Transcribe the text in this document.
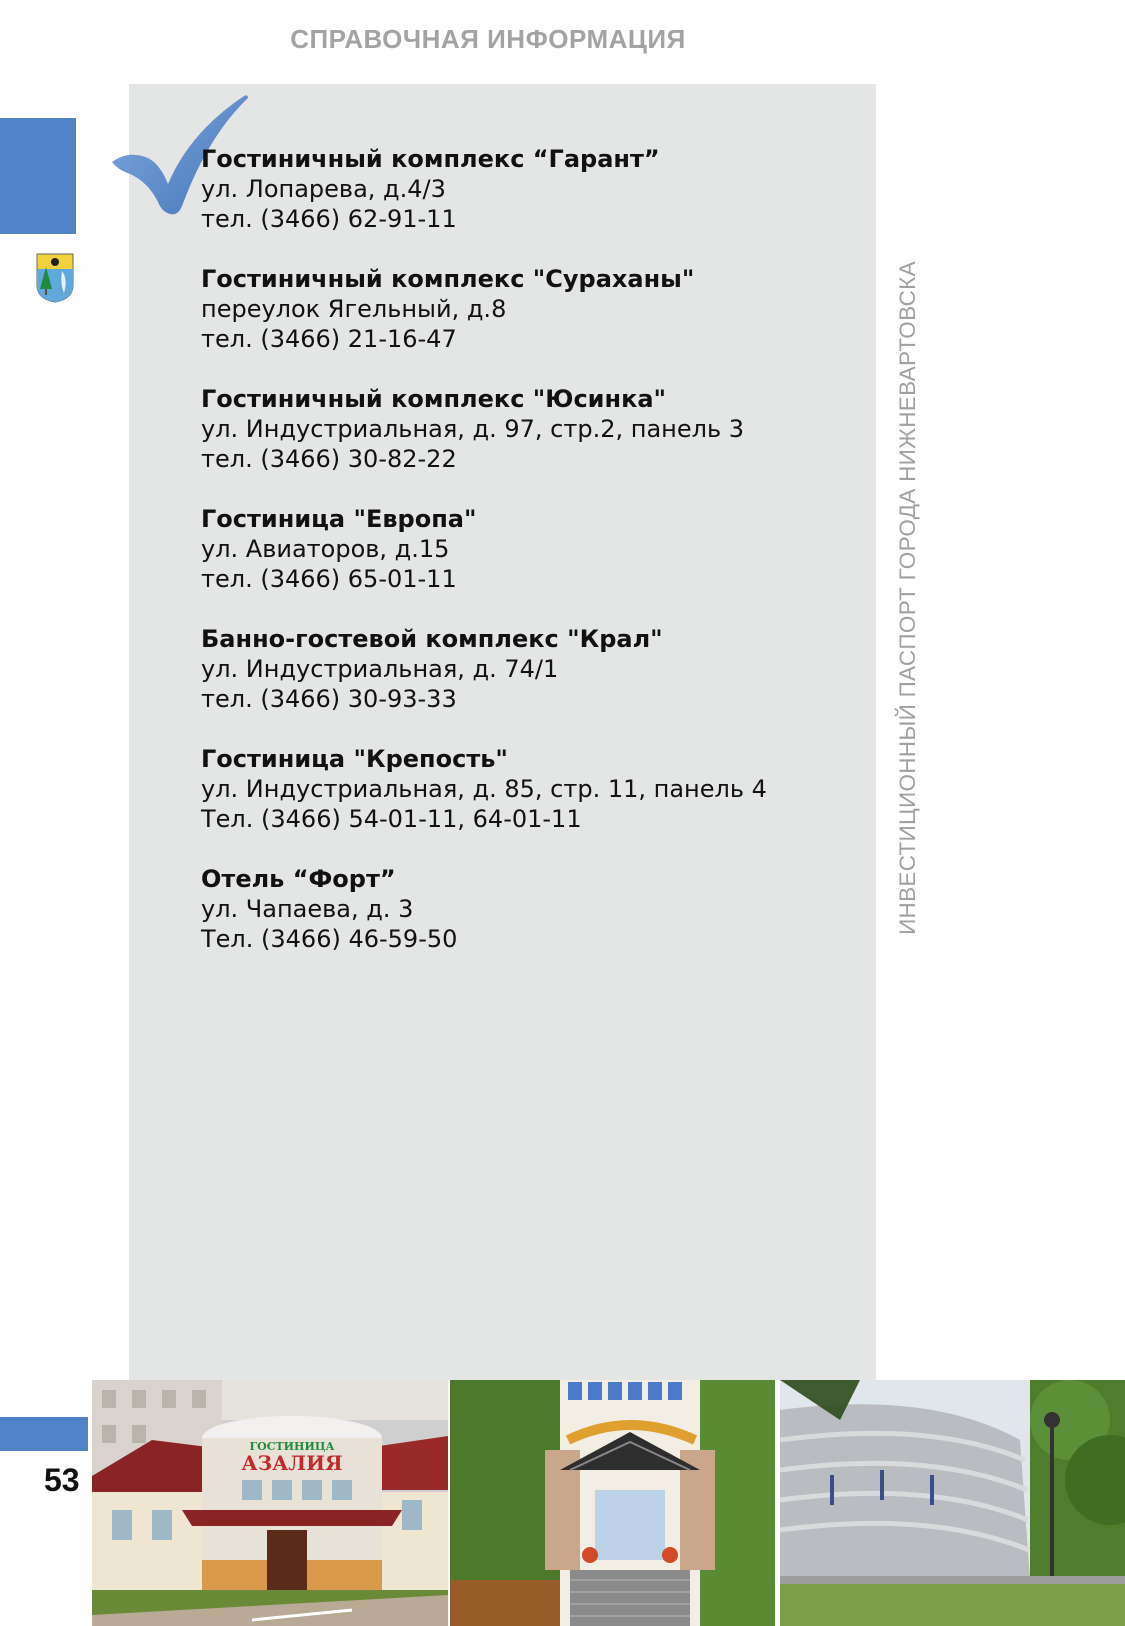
СПРАВОЧНАЯ ИНФОРМАЦИЯ
ИНВЕСТИЦИОННЫЙ ПАСПОРТ ГОРОДА НИЖНЕВАРТОВСКА
Гостиничный комплекс “Гарант”
ул. Лопарева, д.4/3
тел. (3466) 62-91-11
Гостиничный комплекс "Сураханы"
переулок Ягельный, д.8
тел. (3466) 21-16-47
Гостиничный комплекс "Юсинка"
ул. Индустриальная, д. 97, стр.2, панель 3
тел. (3466) 30-82-22
Гостиница "Европа"
ул. Авиаторов, д.15
тел. (3466) 65-01-11
Банно-гостевой комплекс "Крал"
ул. Индустриальная, д. 74/1
тел. (3466) 30-93-33
Гостиница "Крепость"
ул. Индустриальная, д. 85, стр. 11, панель 4
Тел. (3466) 54-01-11, 64-01-11
Отель “Форт”
ул. Чапаева, д. 3
Тел. (3466) 46-59-50
53
ГОСТИНИЦА
АЗАЛИЯ
